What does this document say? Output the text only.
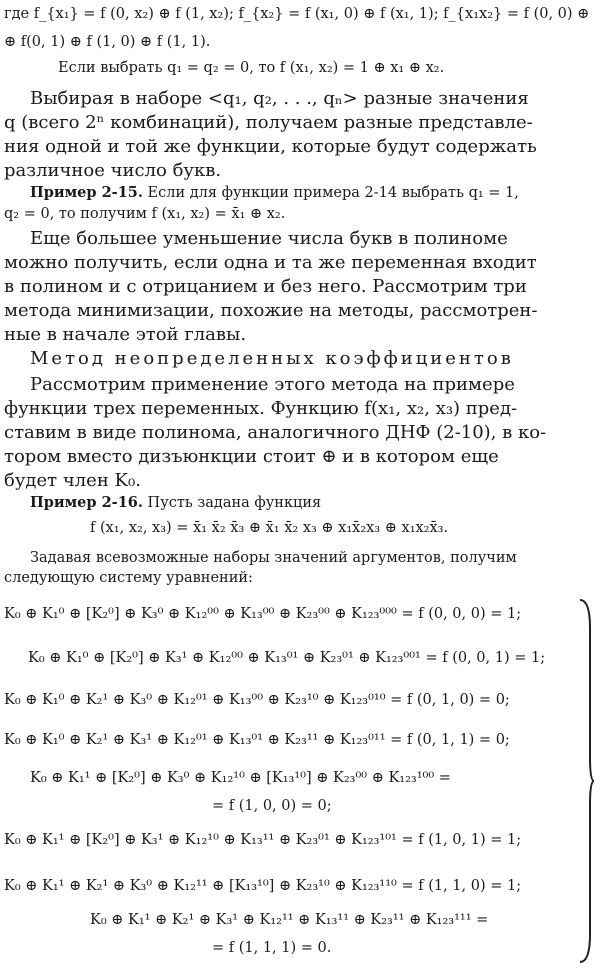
где f_{x₁} = f (0, x₂) ⊕ f (1, x₂); f_{x₂} = f (x₁, 0) ⊕ f (x₁, 1); f_{x₁x₂} = f (0, 0) ⊕
⊕ f(0, 1) ⊕ f (1, 0) ⊕ f (1, 1).
Если выбрать q₁ = q₂ = 0, то f (x₁, x₂) = 1 ⊕ x₁ ⊕ x₂.
Выбирая в наборе <q₁, q₂, . . ., qₙ> разные значения
q (всего 2ⁿ комбинаций), получаем разные представле-
ния одной и той же функции, которые будут содержать
различное число букв.
Пример 2-15. Если для функции примера 2-14 выбрать q₁ = 1,
q₂ = 0, то получим f (x₁, x₂) = x̄₁ ⊕ x₂.
Еще большее уменьшение числа букв в полиноме
можно получить, если одна и та же переменная входит
в полином и с отрицанием и без него. Рассмотрим три
метода минимизации, похожие на методы, рассмотрен-
ные в начале этой главы.
Метод неопределенных коэффициентов
Рассмотрим применение этого метода на примере
функции трех переменных. Функцию f(x₁, x₂, x₃) пред-
ставим в виде полинома, аналогичного ДНФ (2-10), в ко-
тором вместо дизъюнкции стоит ⊕ и в котором еще
будет член K₀.
Пример 2-16. Пусть задана функция
f (x₁, x₂, x₃) = x̄₁ x̄₂ x̄₃ ⊕ x̄₁ x̄₂ x₃ ⊕ x₁x̄₂x₃ ⊕ x₁x₂x̄₃.
Задавая всевозможные наборы значений аргументов, получим
следующую систему уравнений:
K₀ ⊕ K₁⁰ ⊕ [K₂⁰] ⊕ K₃⁰ ⊕ K₁₂⁰⁰ ⊕ K₁₃⁰⁰ ⊕ K₂₃⁰⁰ ⊕ K₁₂₃⁰⁰⁰ = f (0, 0, 0) = 1;
K₀ ⊕ K₁⁰ ⊕ [K₂⁰] ⊕ K₃¹ ⊕ K₁₂⁰⁰ ⊕ K₁₃⁰¹ ⊕ K₂₃⁰¹ ⊕ K₁₂₃⁰⁰¹ = f (0, 0, 1) = 1;
K₀ ⊕ K₁⁰ ⊕ K₂¹ ⊕ K₃⁰ ⊕ K₁₂⁰¹ ⊕ K₁₃⁰⁰ ⊕ K₂₃¹⁰ ⊕ K₁₂₃⁰¹⁰ = f (0, 1, 0) = 0;
K₀ ⊕ K₁⁰ ⊕ K₂¹ ⊕ K₃¹ ⊕ K₁₂⁰¹ ⊕ K₁₃⁰¹ ⊕ K₂₃¹¹ ⊕ K₁₂₃⁰¹¹ = f (0, 1, 1) = 0;
K₀ ⊕ K₁¹ ⊕ [K₂⁰] ⊕ K₃⁰ ⊕ K₁₂¹⁰ ⊕ [K₁₃¹⁰] ⊕ K₂₃⁰⁰ ⊕ K₁₂₃¹⁰⁰ =
= f (1, 0, 0) = 0;
K₀ ⊕ K₁¹ ⊕ [K₂⁰] ⊕ K₃¹ ⊕ K₁₂¹⁰ ⊕ K₁₃¹¹ ⊕ K₂₃⁰¹ ⊕ K₁₂₃¹⁰¹ = f (1, 0, 1) = 1;
K₀ ⊕ K₁¹ ⊕ K₂¹ ⊕ K₃⁰ ⊕ K₁₂¹¹ ⊕ [K₁₃¹⁰] ⊕ K₂₃¹⁰ ⊕ K₁₂₃¹¹⁰ = f (1, 1, 0) = 1;
K₀ ⊕ K₁¹ ⊕ K₂¹ ⊕ K₃¹ ⊕ K₁₂¹¹ ⊕ K₁₃¹¹ ⊕ K₂₃¹¹ ⊕ K₁₂₃¹¹¹ =
= f (1, 1, 1) = 0.
